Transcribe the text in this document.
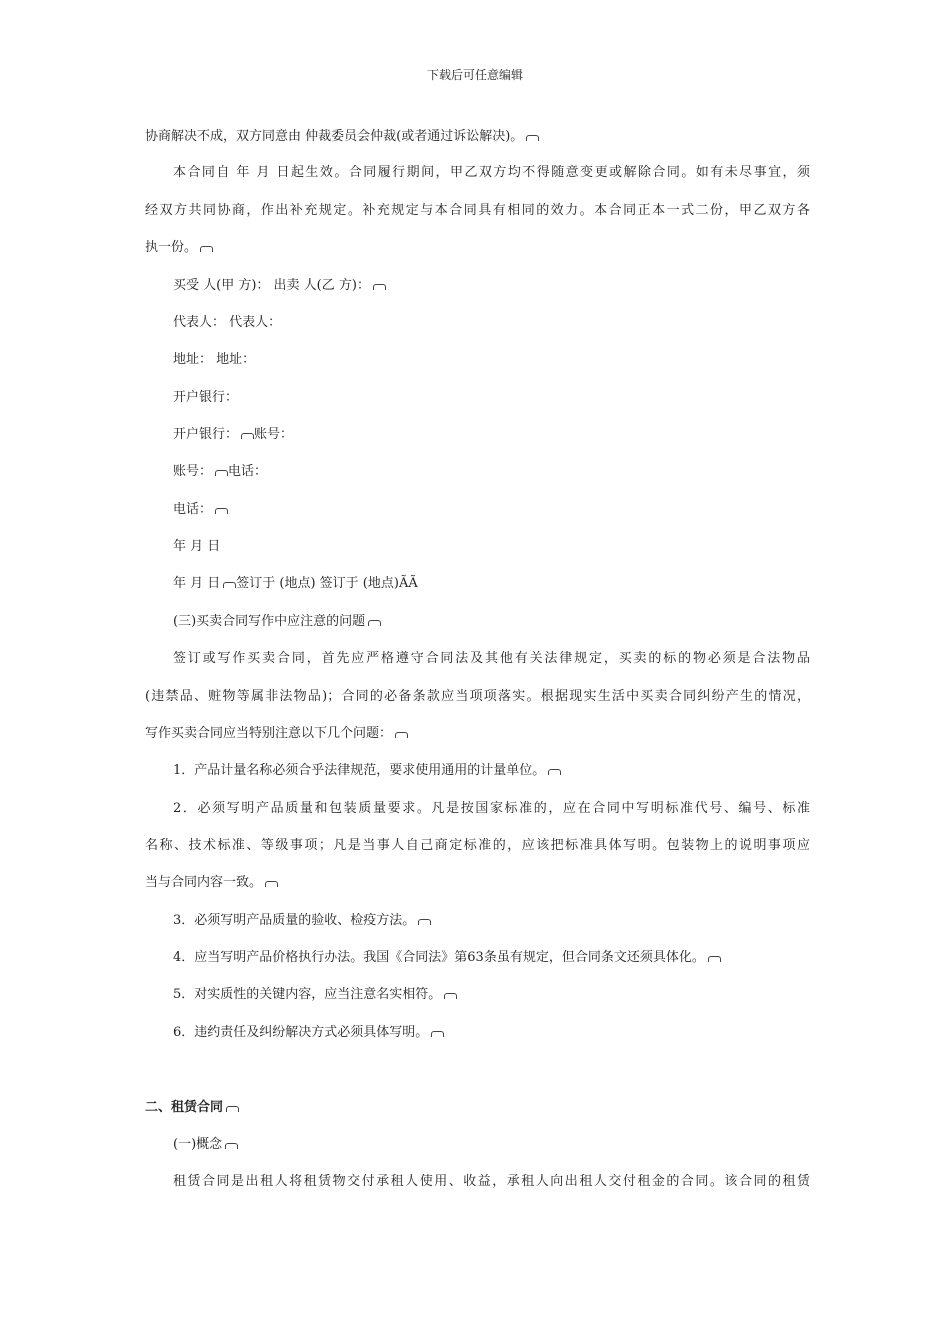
下载后可任意编辑
协商解决不成，双方同意由 仲裁委员会仲裁(或者通过诉讼解决)。
本合同自 年 月 日起生效。合同履行期间，甲乙双方均不得随意变更或解除合同。如有未尽事宜，须
经双方共同协商，作出补充规定。补充规定与本合同具有相同的效力。本合同正本一式二份，甲乙双方各
执一份。
买受 人(甲 方)： 出卖 人(乙 方)：
代表人： 代表人：
地址： 地址：
开户银行：
开户银行： 账号：
账号： 电话：
电话：
年 月 日
年 月 日 签订于 (地点) 签订于 (地点)ÃÃ
(三)买卖合同写作中应注意的问题
签订或写作买卖合同，首先应严格遵守合同法及其他有关法律规定，买卖的标的物必须是合法物品
(违禁品、赃物等属非法物品)；合同的必备条款应当项项落实。根据现实生活中买卖合同纠纷产生的情况，
写作买卖合同应当特别注意以下几个问题：
1．产品计量名称必须合乎法律规范，要求使用通用的计量单位。
2．必须写明产品质量和包装质量要求。凡是按国家标准的，应在合同中写明标准代号、编号、标准
名称、技术标准、等级事项；凡是当事人自己商定标准的，应该把标准具体写明。包装物上的说明事项应
当与合同内容一致。
3．必须写明产品质量的验收、检疫方法。
4．应当写明产品价格执行办法。我国《合同法》第63条虽有规定，但合同条文还须具体化。
5．对实质性的关键内容，应当注意名实相符。
6．违约责任及纠纷解决方式必须具体写明。
二、租赁合同
(一)概念
租赁合同是出租人将租赁物交付承租人使用、收益，承租人向出租人交付租金的合同。该合同的租赁
